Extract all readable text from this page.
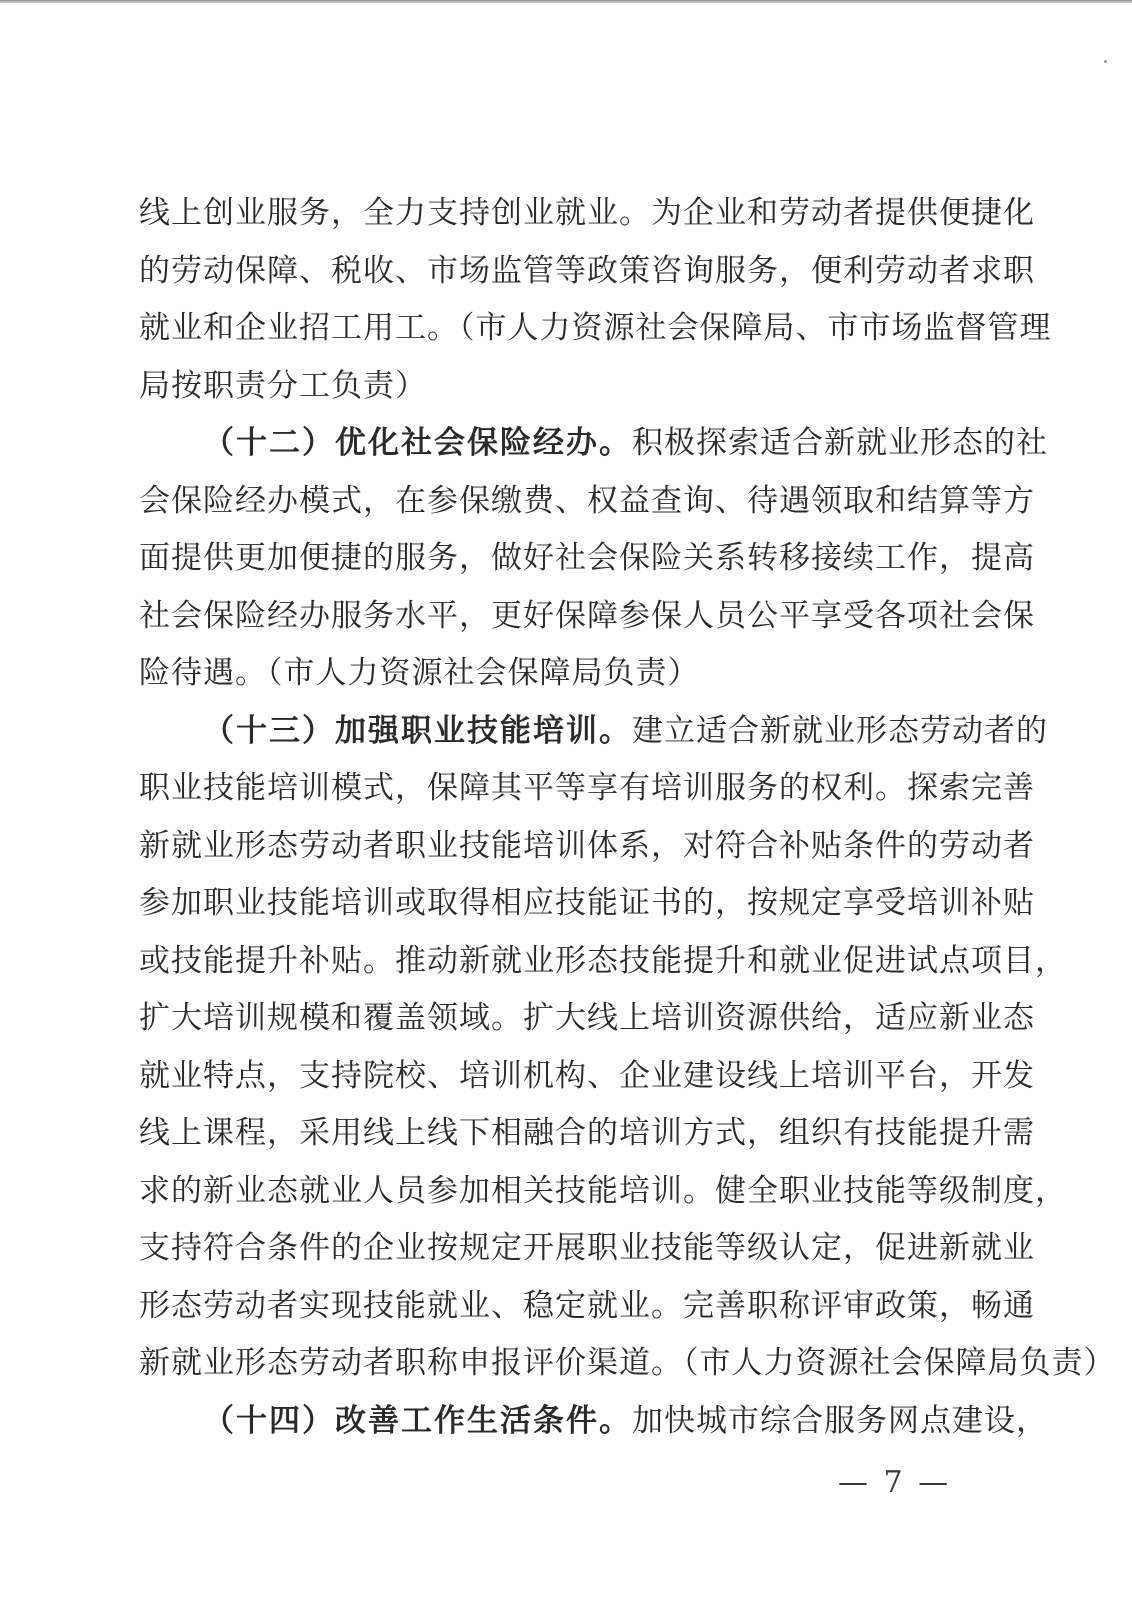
线上创业服务，全力支持创业就业。为企业和劳动者提供便捷化
的劳动保障、税收、市场监管等政策咨询服务，便利劳动者求职
就业和企业招工用工。（市人力资源社会保障局、市市场监督管理
局按职责分工负责）
（十二）优化社会保险经办。积极探索适合新就业形态的社
会保险经办模式，在参保缴费、权益查询、待遇领取和结算等方
面提供更加便捷的服务，做好社会保险关系转移接续工作，提高
社会保险经办服务水平，更好保障参保人员公平享受各项社会保
险待遇。（市人力资源社会保障局负责）
（十三）加强职业技能培训。建立适合新就业形态劳动者的
职业技能培训模式，保障其平等享有培训服务的权利。探索完善
新就业形态劳动者职业技能培训体系，对符合补贴条件的劳动者
参加职业技能培训或取得相应技能证书的，按规定享受培训补贴
或技能提升补贴。推动新就业形态技能提升和就业促进试点项目，
扩大培训规模和覆盖领域。扩大线上培训资源供给，适应新业态
就业特点，支持院校、培训机构、企业建设线上培训平台，开发
线上课程，采用线上线下相融合的培训方式，组织有技能提升需
求的新业态就业人员参加相关技能培训。健全职业技能等级制度，
支持符合条件的企业按规定开展职业技能等级认定，促进新就业
形态劳动者实现技能就业、稳定就业。完善职称评审政策，畅通
新就业形态劳动者职称申报评价渠道。（市人力资源社会保障局负责）
（十四）改善工作生活条件。加快城市综合服务网点建设，
— 7 —
